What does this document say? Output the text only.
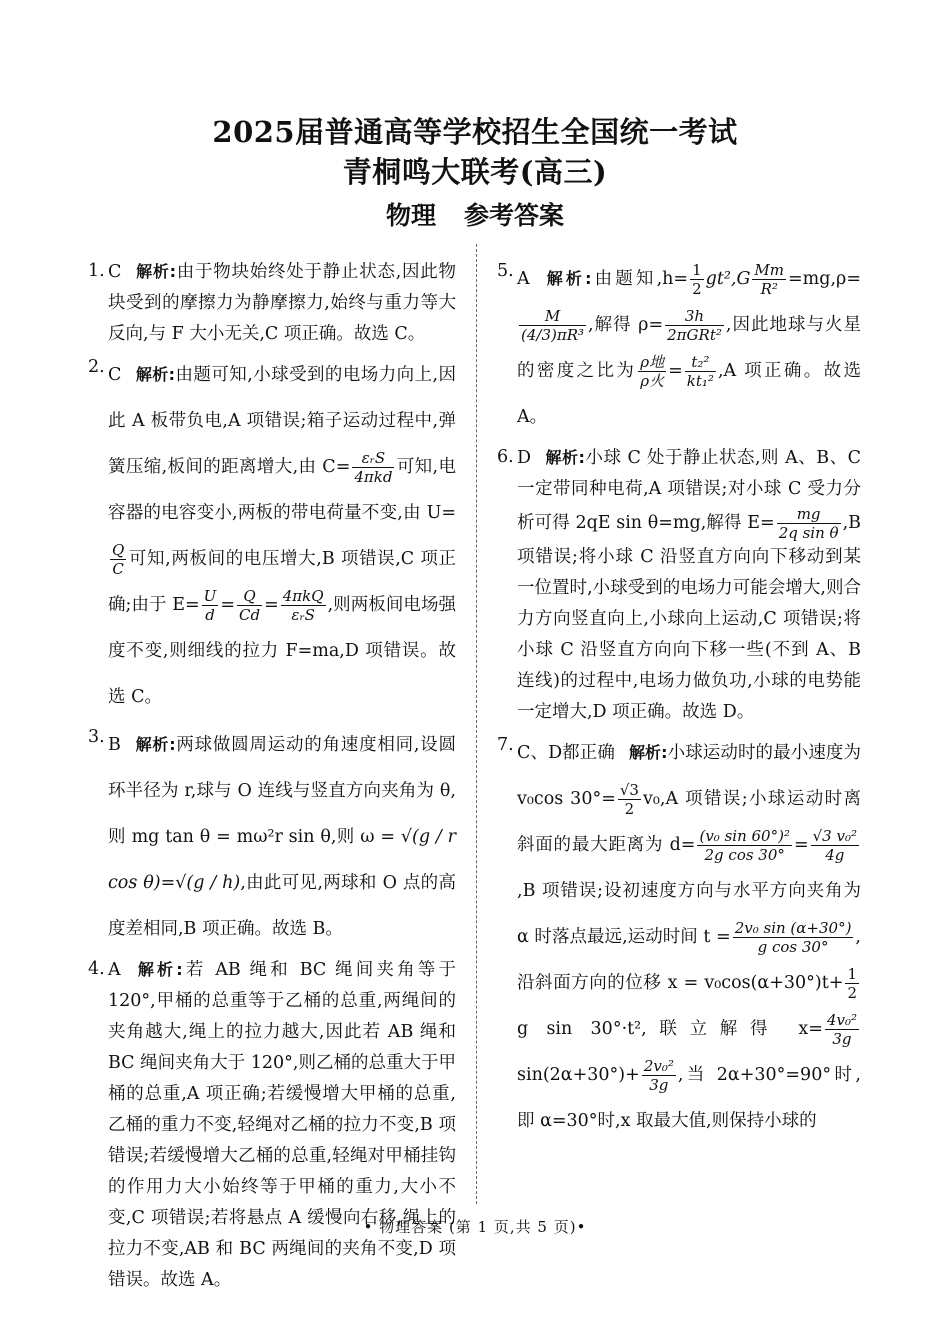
2025届普通高等学校招生全国统一考试
青桐鸣大联考(高三)
物理 参考答案
1. C 解析:由于物块始终处于静止状态,因此物块受到的摩擦力为静摩擦力,始终与重力等大反向,与 F 大小无关,C 项正确。故选 C。

2. C 解析:由题可知,小球受到的电场力向上,因此 A 板带负电,A 项错误;箱子运动过程中,弹簧压缩,板间的距离增大,由 $C= \frac{\text{εᵣS}}{\text{4πkd}}$ 可知,电容器的电容变小,两板的带电荷量不变,由 U=
$\frac{Q}{C}$ 可知,两板间的电压增大,B 项错误,C 项正确;由于 $E= \frac{U}{d} = \frac{Q}{Cd} = \frac{\text{4πkQ}}{\text{εᵣS}}$ ,则两板间电场强度不变,则细线的拉力 F=ma,D 项错误。故选 C。

3. B 解析:两球做圆周运动的角速度相同,设圆环半径为 r,球与 O 连线与竖直方向夹角为 θ,则 mg tan θ = mω²r sin θ,则 ω = √(g / r cos θ)=√(g / h),由此可见,两球和 O 点的高度差相同,B 项正确。故选 B。

4. A 解析:若 AB 绳和 BC 绳间夹角等于 120°,甲桶的总重等于乙桶的总重,两绳间的夹角越大,绳上的拉力越大,因此若 AB 绳和 BC 绳间夹角大于 120°,则乙桶的总重大于甲桶的总重,A 项正确;若缓慢增大甲桶的总重,乙桶的重力不变,轻绳对乙桶的拉力不变,B 项错误;若缓慢增大乙桶的总重,轻绳对甲桶挂钩的作用力大小始终等于甲桶的重力,大小不变,C 项错误;若将悬点 A 缓慢向右移,绳上的拉力不变,AB 和 BC 两绳间的夹角不变,D 项错误。故选 A。

5. A 解析:由题知$,h= \frac{1}{2} gt^2,G \frac{Mm}{\text{R²}} =mg,\rho=$
$\frac{M}{\text{(4/3)πR³}}$ ,解得 $\rho= \frac{3h}{\text{2πGRt²}}$ ,因此地球与火星的密度之比为 $\frac{\text{ρ地}}{\text{ρ火}} = \frac{\text{t₂²}}{\text{kt₁²}} ,A$ 项正确。故选 A。

6. D 解析:小球 C 处于静止状态,则 A、B、C 一定带同种电荷,A 项错误;对小球 C 受力分析可得 2qE sin θ=mg,解得 $E= \frac{mg}{\text{2q sin θ}} ,B$ 项错误;将小球 C 沿竖直方向向下移动到某一位置时,小球受到的电场力可能会增大,则合力方向竖直向上,小球向上运动,C 项错误;将小球 C 沿竖直方向向下移一些(不到 A、B 连线)的过程中,电场力做负功,小球的电势能一定增大,D 项正确。故选 D。

7. C、D都正确 解析:小球运动时的最小速度为 v₀cos $30^\circ= \frac{√3}{2} v_0,A$ 项错误;小球运动时离斜面的最大距离为 $d= \frac{\text{(v₀ sin 60°)²}}{\text{2g cos 30°}} = \frac{\text{√3 v₀²}}{4g}$
,B 项错误;设初速度方向与水平方向夹角为 α 时落点最远,运动时间 $t = \frac{\text{2v₀ sin (α+30°)}}{\text{g cos 30°}}$ ,沿斜面方向的位移 $x = v_0\cos(\alpha+30^\circ)t+ \frac{1}{2}$
g sin 30°·t²,联立解得 $x= \frac{\text{4v₀²}}{3g}$
$\sin(2\alpha+30^\circ)+ \frac{\text{2v₀²}}{3g}$ ,当 2α+30°=90°时,即 α=30°时,x 取最大值,则保持小球的

• 物理答案 (第 1 页,共 5 页)•
